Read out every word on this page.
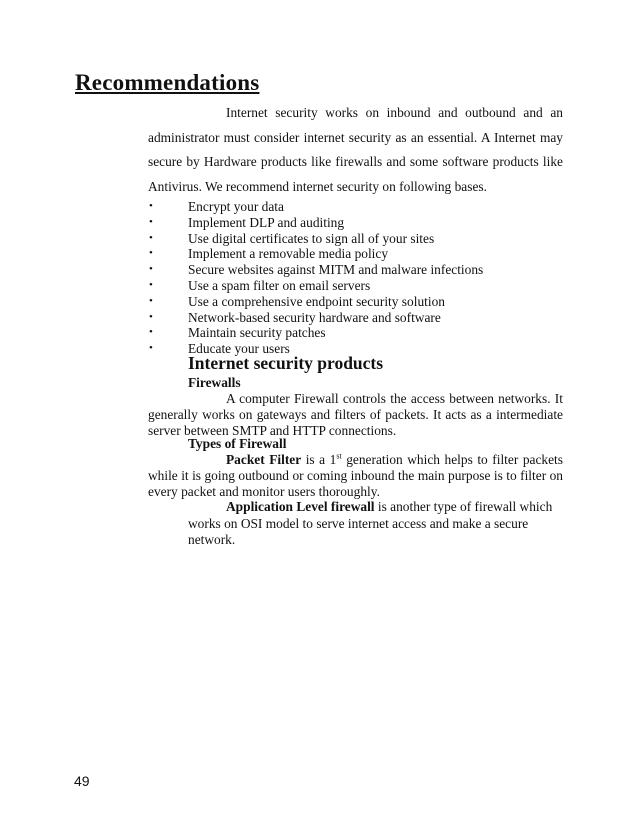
Recommendations

Internet security works on inbound and outbound and an administrator must consider internet security as an essential. A Internet may secure by Hardware products like firewalls and some software products like Antivirus. We recommend internet security on following bases.

•	Encrypt your data
•	Implement DLP and auditing
•	Use digital certificates to sign all of your sites
•	Implement a removable media policy
•	Secure websites against MITM and malware infections
•	Use a spam filter on email servers
•	Use a comprehensive endpoint security solution
•	Network-based security hardware and software
•	Maintain security patches
•	Educate your users
Internet security products
Firewalls

A computer Firewall controls the access between networks. It generally works on gateways and filters of packets. It acts as a intermediate server between SMTP and HTTP connections.

Types of Firewall

Packet Filter is a 1st generation which helps to filter packets while it is going outbound or coming inbound the main purpose is to filter on every packet and monitor users thoroughly.

Application Level firewall is another type of firewall which works on OSI model to serve internet access and make a secure network.

49
